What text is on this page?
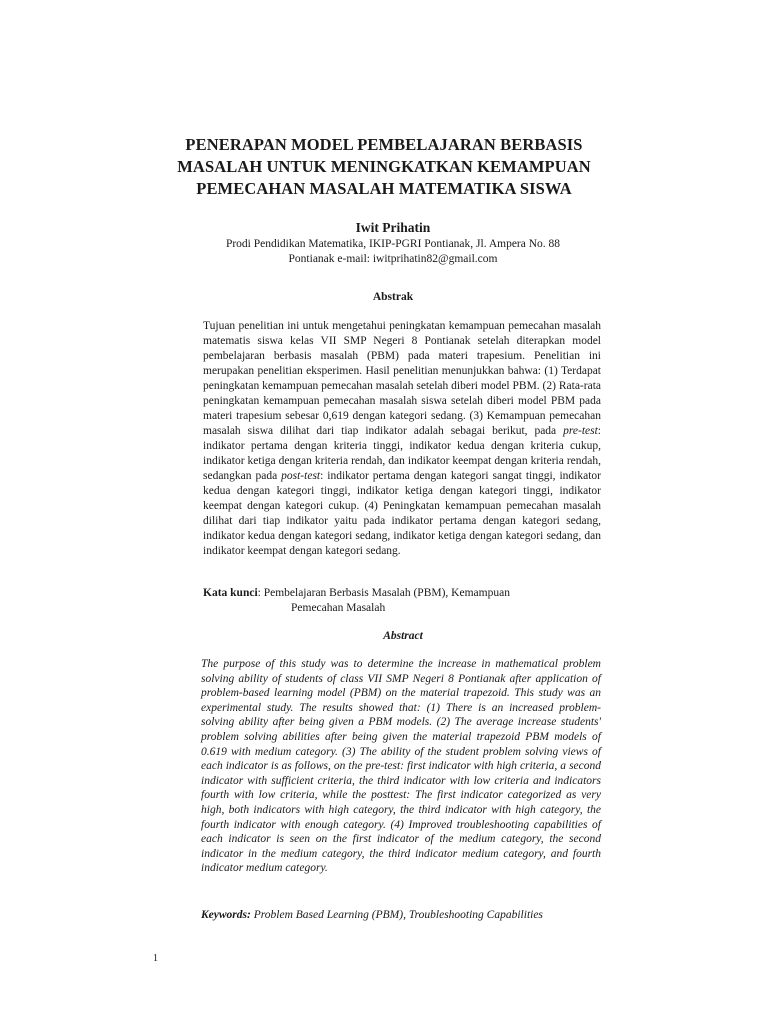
PENERAPAN MODEL PEMBELAJARAN BERBASIS
MASALAH UNTUK MENINGKATKAN KEMAMPUAN
PEMECAHAN MASALAH MATEMATIKA SISWA
Iwit Prihatin
Prodi Pendidikan Matematika, IKIP-PGRI Pontianak, Jl. Ampera No. 88
Pontianak e-mail: iwitprihatin82@gmail.com
Abstrak
Tujuan penelitian ini untuk mengetahui peningkatan kemampuan pemecahan masalah matematis siswa kelas VII SMP Negeri 8 Pontianak setelah diterapkan model pembelajaran berbasis masalah (PBM) pada materi trapesium. Penelitian ini merupakan penelitian eksperimen. Hasil penelitian menunjukkan bahwa: (1) Terdapat peningkatan kemampuan pemecahan masalah setelah diberi model PBM. (2) Rata-rata peningkatan kemampuan pemecahan masalah siswa setelah diberi model PBM pada materi trapesium sebesar 0,619 dengan kategori sedang. (3) Kemampuan pemecahan masalah siswa dilihat dari tiap indikator adalah sebagai berikut, pada pre-test: indikator pertama dengan kriteria tinggi, indikator kedua dengan kriteria cukup, indikator ketiga dengan kriteria rendah, dan indikator keempat dengan kriteria rendah, sedangkan pada post-test: indikator pertama dengan kategori sangat tinggi, indikator kedua dengan kategori tinggi, indikator ketiga dengan kategori tinggi, indikator keempat dengan kategori cukup. (4) Peningkatan kemampuan pemecahan masalah dilihat dari tiap indikator yaitu pada indikator pertama dengan kategori sedang, indikator kedua dengan kategori sedang, indikator ketiga dengan kategori sedang, dan indikator keempat dengan kategori sedang.
Kata kunci: Pembelajaran Berbasis Masalah (PBM), Kemampuan
Pemecahan Masalah
Abstract
The purpose of this study was to determine the increase in mathematical problem solving ability of students of class VII SMP Negeri 8 Pontianak after application of problem-based learning model (PBM) on the material trapezoid. This study was an experimental study. The results showed that: (1) There is an increased problem-solving ability after being given a PBM models. (2) The average increase students' problem solving abilities after being given the material trapezoid PBM models of 0.619 with medium category. (3) The ability of the student problem solving views of each indicator is as follows, on the pre-test: first indicator with high criteria, a second indicator with sufficient criteria, the third indicator with low criteria and indicators fourth with low criteria, while the posttest: The first indicator categorized as very high, both indicators with high category, the third indicator with high category, the fourth indicator with enough category. (4) Improved troubleshooting capabilities of each indicator is seen on the first indicator of the medium category, the second indicator in the medium category, the third indicator medium category, and fourth indicator medium category.
Keywords: Problem Based Learning (PBM), Troubleshooting Capabilities
1
